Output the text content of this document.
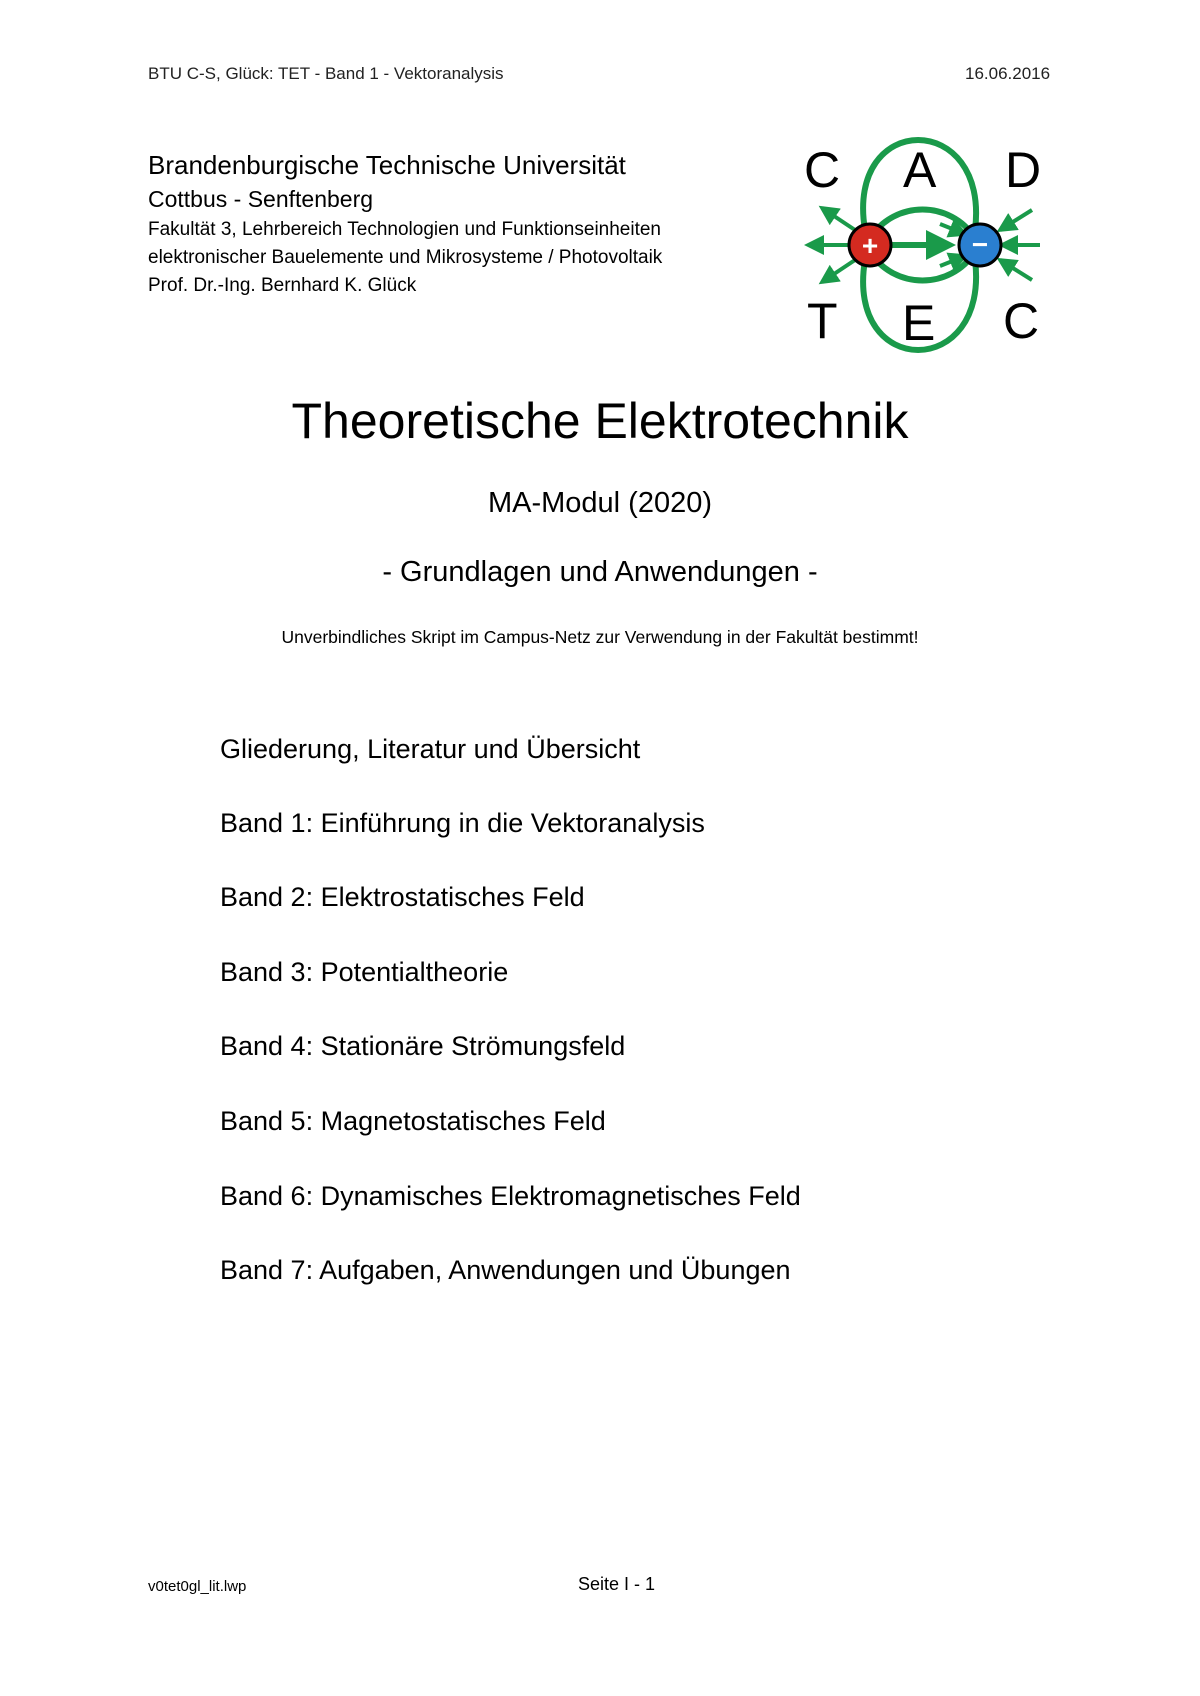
BTU C-S, Glück: TET - Band 1 - Vektoranalysis	16.06.2016
Brandenburgische Technische Universität
Cottbus - Senftenberg
Fakultät 3, Lehrbereich Technologien und Funktionseinheiten
elektronischer Bauelemente und Mikrosysteme / Photovoltaik
Prof. Dr.-Ing. Bernhard K. Glück
+	−
C A D
T E C
Theoretische Elektrotechnik
MA-Modul (2020)
- Grundlagen und Anwendungen -
Unverbindliches Skript im Campus-Netz zur Verwendung in der Fakultät bestimmt!
Gliederung, Literatur und Übersicht
Band 1: Einführung in die Vektoranalysis
Band 2: Elektrostatisches Feld
Band 3: Potentialtheorie
Band 4: Stationäre Strömungsfeld
Band 5: Magnetostatisches Feld
Band 6: Dynamisches Elektromagnetisches Feld
Band 7: Aufgaben, Anwendungen und Übungen
v0tet0gl_lit.lwp	Seite I - 1
